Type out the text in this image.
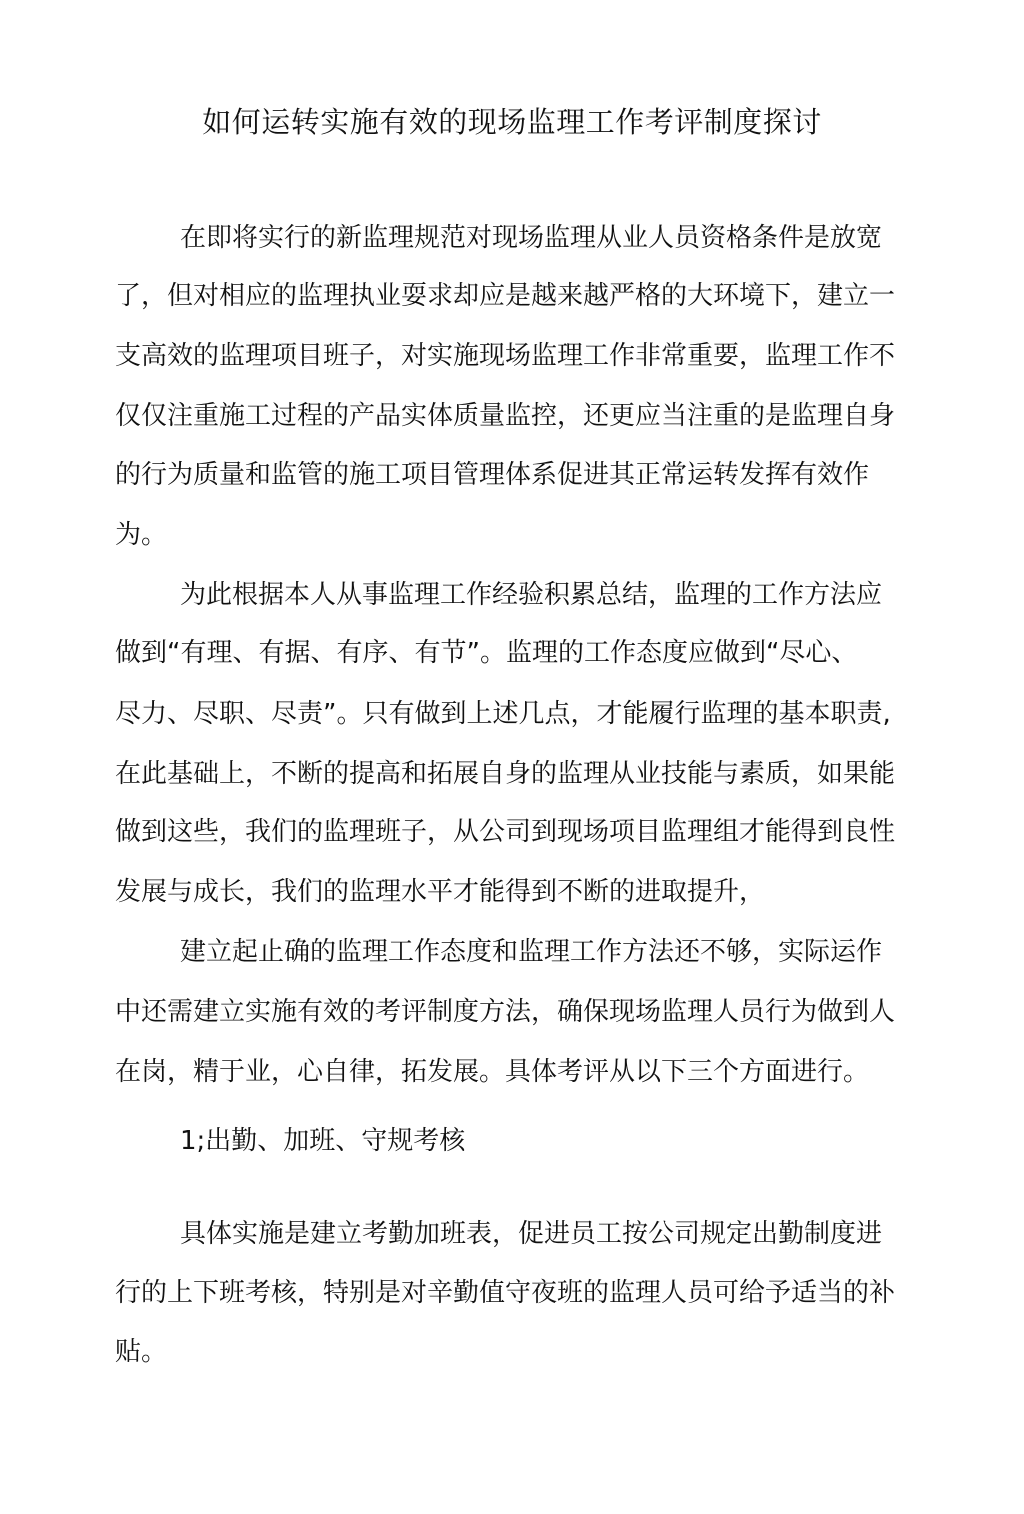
如何运转实施有效的现场监理工作考评制度探讨

在即将实行的新监理规范对现场监理从业人员资格条件是放宽

了，但对相应的监理执业耍求却应是越来越严格的大环境下，建立一

支高效的监理项目班子，对实施现场监理工作非常重要，监理工作不

仅仅注重施工过程的产品实体质量监控，还更应当注重的是监理自身

的行为质量和监管的施工项目管理体系促进其正常运转发挥有效作

为。

为此根据本人从事监理工作经验积累总结，监理的工作方法应

做到“有理、有据、有序、有节”。监理的工作态度应做到“尽心、

尽力、尽职、尽责”。只有做到上述几点，才能履行监理的基本职责,

在此基础上，不断的提高和拓展自身的监理从业技能与素质，如果能

做到这些，我们的监理班子，从公司到现场项目监理组才能得到良性

发展与成长，我们的监理水平才能得到不断的进取提升，

建立起止确的监理工作态度和监理工作方法还不够，实际运作

中还需建立实施有效的考评制度方法，确保现场监理人员行为做到人

在岗，精于业，心自律，拓发展。具体考评从以下三个方面进行。

1;出勤、加班、守规考核

具体实施是建立考勤加班表，促进员工按公司规定出勤制度进

行的上下班考核，特别是对辛勤值守夜班的监理人员可给予适当的补

贴。
